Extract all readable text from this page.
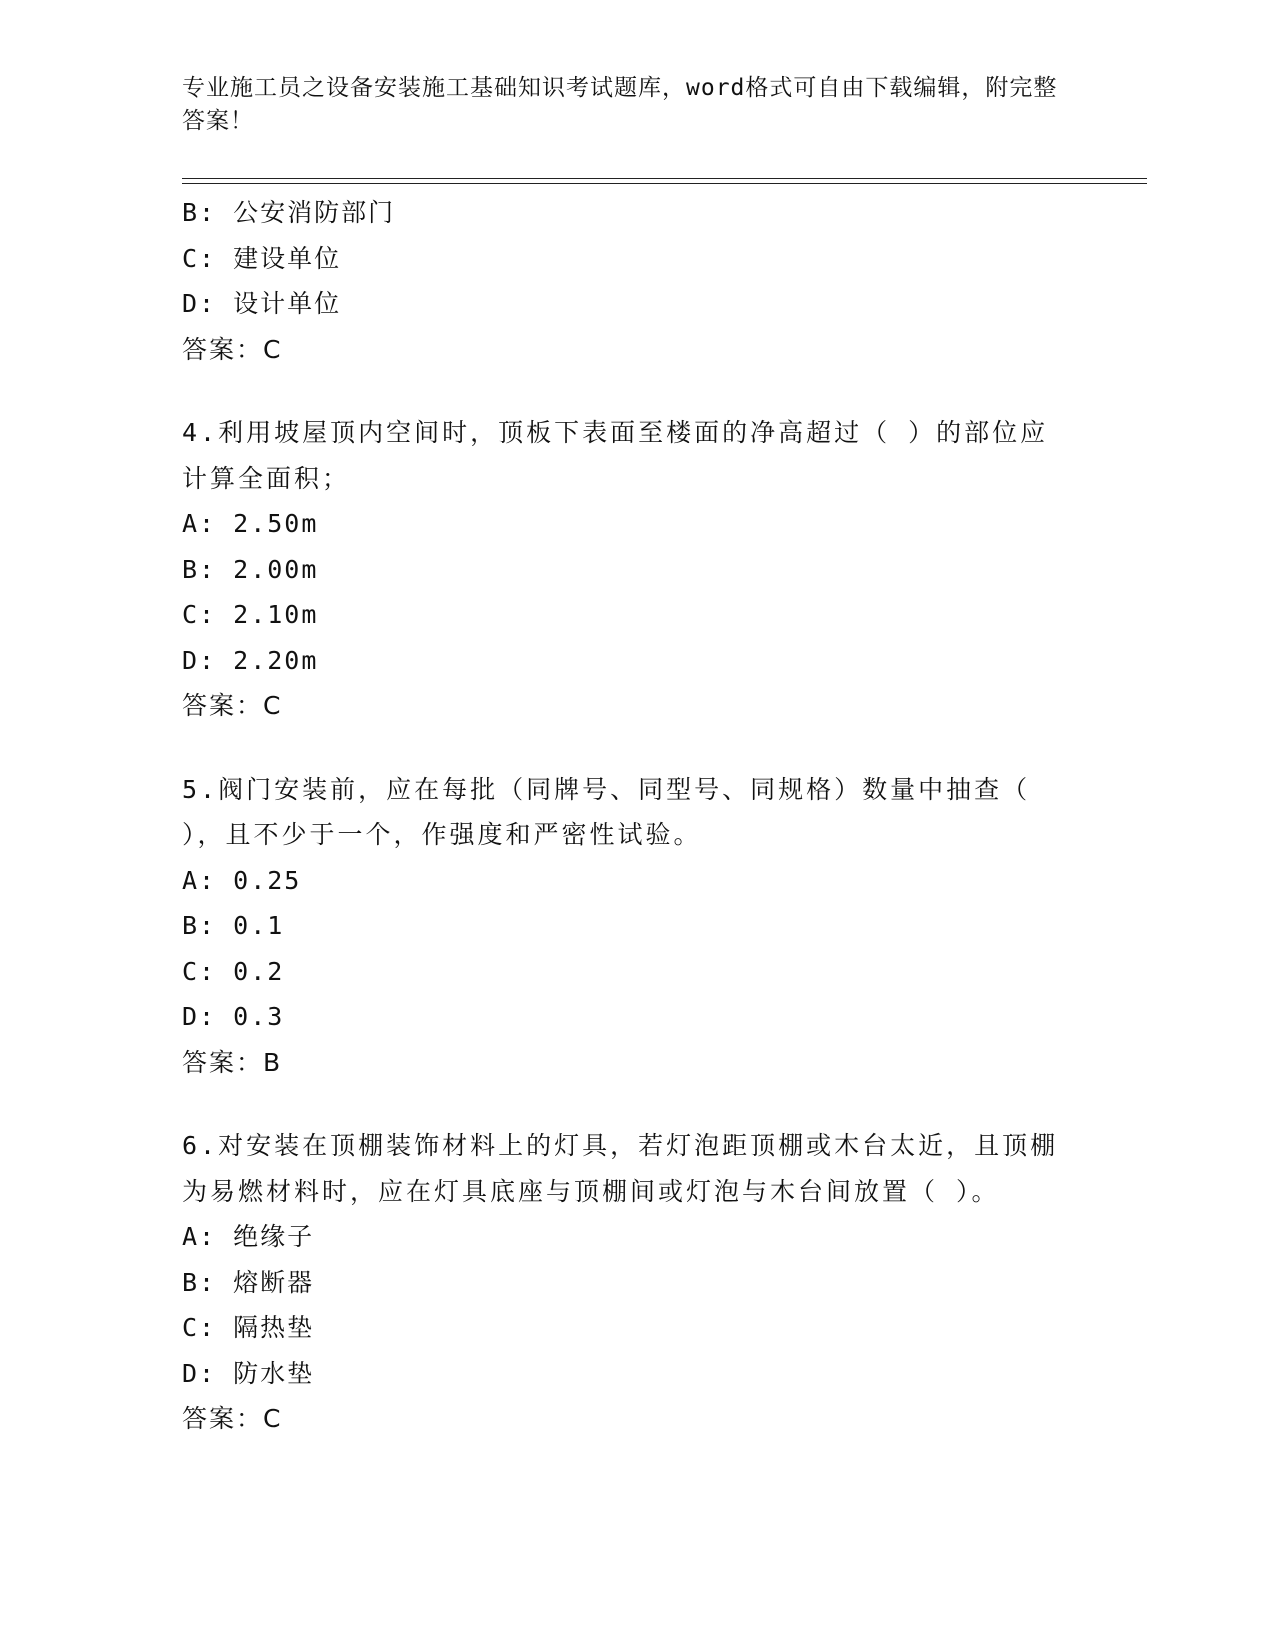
专业施工员之设备安装施工基础知识考试题库，word格式可自由下载编辑，附完整答案！
B: 公安消防部门
C: 建设单位
D: 设计单位
答案：C
4.利用坡屋顶内空间时，顶板下表面至楼面的净高超过（ ）的部位应计算全面积；
A: 2.50m
B: 2.00m
C: 2.10m
D: 2.20m
答案：C
5.阀门安装前，应在每批（同牌号、同型号、同规格）数量中抽查（ ），且不少于一个，作强度和严密性试验。
A: 0.25
B: 0.1
C: 0.2
D: 0.3
答案：B
6.对安装在顶棚装饰材料上的灯具，若灯泡距顶棚或木台太近，且顶棚为易燃材料时，应在灯具底座与顶棚间或灯泡与木台间放置（ ）。
A: 绝缘子
B: 熔断器
C: 隔热垫
D: 防水垫
答案：C
